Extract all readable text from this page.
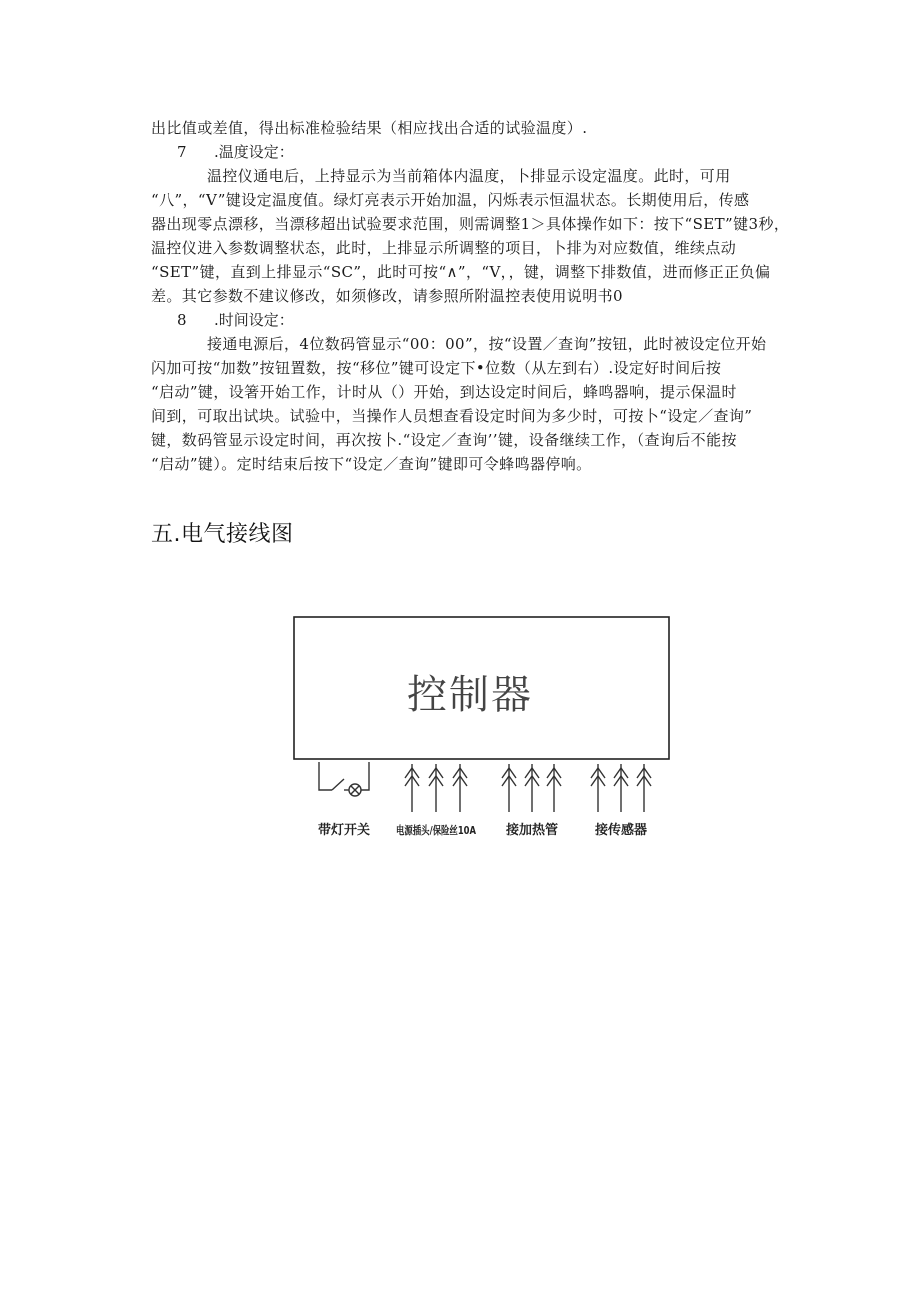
出比值或差值，得出标准检验结果（相应找出合适的试验温度）.
7 .温度设定：
温控仪通电后，上持显示为当前箱体内温度，卜排显示设定温度。此时，可用
“八”，“V”键设定温度值。绿灯亮表示开始加温，闪烁表示恒温状态。长期使用后，传感
器出现零点漂移，当漂移超出试验要求范围，则需调整1＞具体操作如下：按下“SET”键3秒，
温控仪进入参数调整状态，此时，上排显示所调整的项目，卜排为对应数值，维续点动
“SET”键，直到上排显示“SC”，此时可按“∧”，“V，，键，调整下排数值，进而修正正负偏
差。其它参数不建议修改，如须修改，请参照所附温控表使用说明书0
8 .时间设定：
接通电源后，4位数码管显示“00：00”，按“设置／查询”按钮，此时被设定位开始
闪加可按“加数”按钮置数，按“移位”键可设定下•位数（从左到右）.设定好时间后按
“启动”键，设箸开始工作，计时从（）开始，到达设定时间后，蜂鸣器响，提示保温时
间到，可取出试块。试验中，当操作人员想查看设定时间为多少时，可按卜“设定／查询”
键，数码管显示设定时间，再次按卜.“设定／查询’’键，设备继续工作，（查询后不能按
“启动”键）。定时结束后按下“设定／查询”键即可令蜂鸣器停响。
五.电气接线图
控制器
带灯开关 电源插头/保险丝10A 接加热管	接传感器
